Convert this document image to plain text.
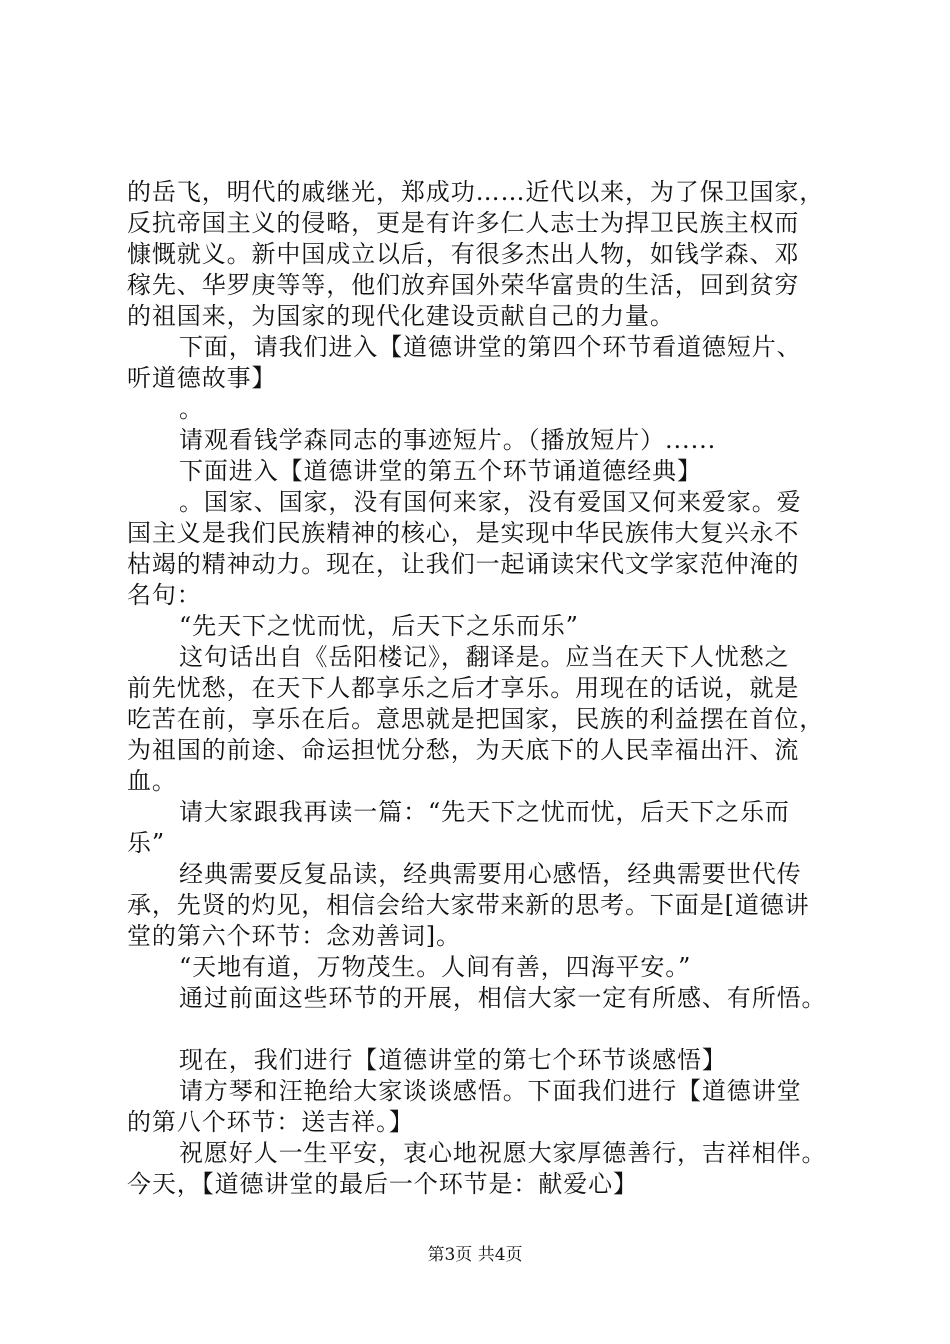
的岳飞，明代的戚继光，郑成功……近代以来，为了保卫国家，
反抗帝国主义的侵略，更是有许多仁人志士为捍卫民族主权而
慷慨就义。新中国成立以后，有很多杰出人物，如钱学森、邓
稼先、华罗庚等等，他们放弃国外荣华富贵的生活，回到贫穷
的祖国来，为国家的现代化建设贡献自己的力量。
下面，请我们进入【道德讲堂的第四个环节看道德短片、
听道德故事】
。
请观看钱学森同志的事迹短片。（播放短片）......
下面进入【道德讲堂的第五个环节诵道德经典】
。国家、国家，没有国何来家，没有爱国又何来爱家。爱
国主义是我们民族精神的核心，是实现中华民族伟大复兴永不
枯竭的精神动力。现在，让我们一起诵读宋代文学家范仲淹的
名句：
“先天下之忧而忧，后天下之乐而乐”
这句话出自《岳阳楼记》，翻译是。应当在天下人忧愁之
前先忧愁，在天下人都享乐之后才享乐。用现在的话说，就是
吃苦在前，享乐在后。意思就是把国家，民族的利益摆在首位，
为祖国的前途、命运担忧分愁，为天底下的人民幸福出汗、流
血。
请大家跟我再读一篇：“先天下之忧而忧，后天下之乐而
乐”
经典需要反复品读，经典需要用心感悟，经典需要世代传
承，先贤的灼见，相信会给大家带来新的思考。下面是[道德讲
堂的第六个环节：念劝善词]。
“天地有道，万物茂生。人间有善，四海平安。”
通过前面这些环节的开展，相信大家一定有所感、有所悟。
现在，我们进行【道德讲堂的第七个环节谈感悟】
请方琴和汪艳给大家谈谈感悟。下面我们进行【道德讲堂
的第八个环节：送吉祥。】
祝愿好人一生平安，衷心地祝愿大家厚德善行，吉祥相伴。
今天，【道德讲堂的最后一个环节是：献爱心】
第3页 共4页
